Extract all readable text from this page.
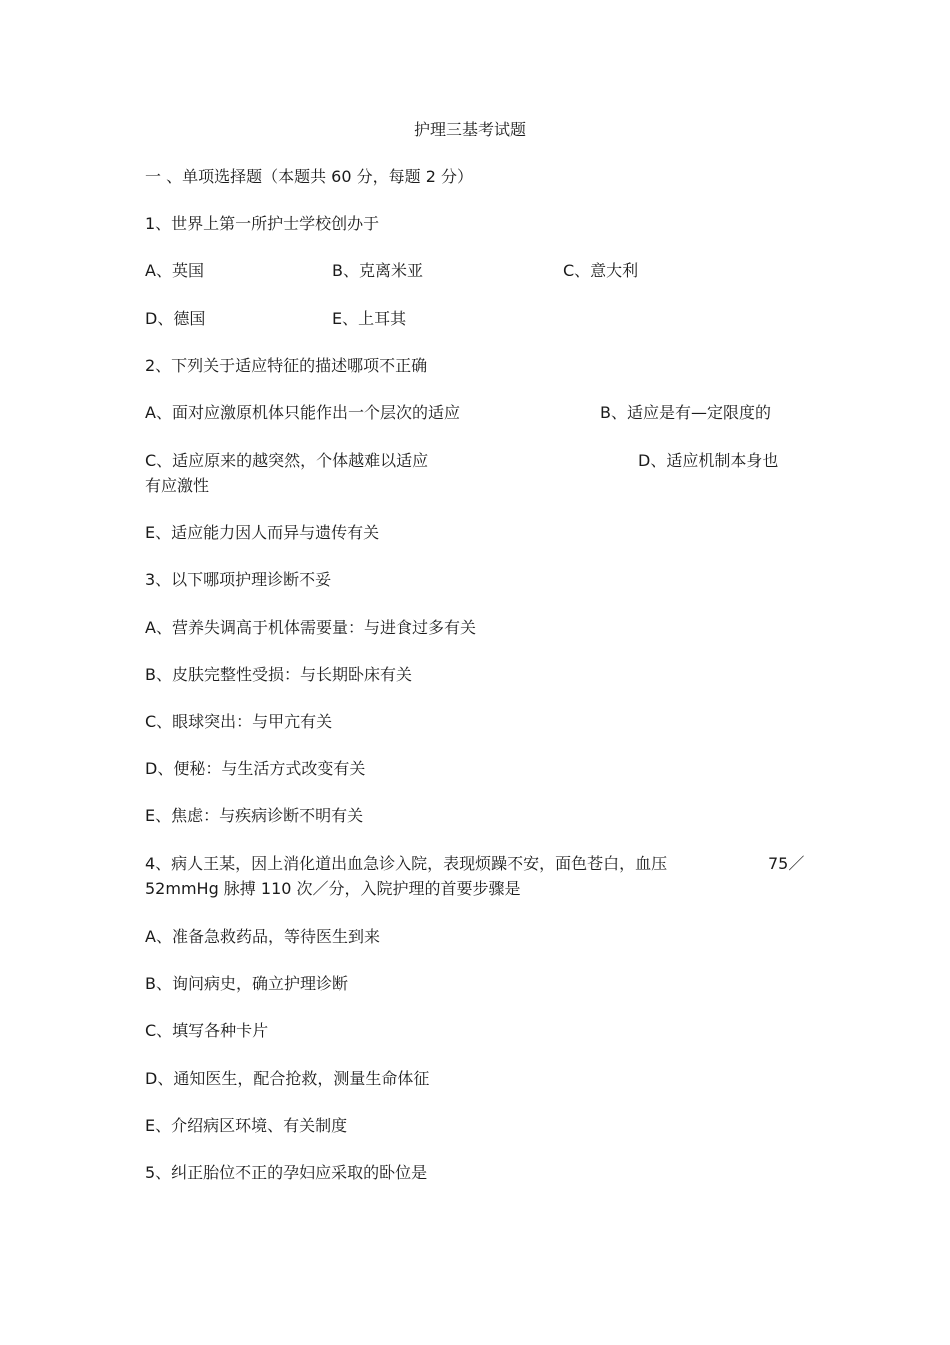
护理三基考试题
一 、单项选择题（本题共 60 分，每题 2 分）
1、世界上第一所护士学校创办于
A、英国	B、克离米亚	C、意大利
D、德国	E、上耳其
2、下列关于适应特征的描述哪项不正确
A、面对应激原机体只能作出一个层次的适应	B、适应是有—定限度的
C、适应原来的越突然，个体越难以适应	D、适应机制本身也
有应激性
E、适应能力因人而异与遗传有关
3、以下哪项护理诊断不妥
A、营养失调高于机体需要量：与进食过多有关
B、皮肤完整性受损：与长期卧床有关
C、眼球突出：与甲亢有关
D、便秘：与生活方式改变有关
E、焦虑：与疾病诊断不明有关
4、病人王某，因上消化道出血急诊入院，表现烦躁不安，面色苍白，血压	75／
52mmHg 脉搏 110 次／分，入院护理的首要步骤是
A、准备急救药品，等待医生到来
B、询问病史，确立护理诊断
C、填写各种卡片
D、通知医生，配合抢救，测量生命体征
E、介绍病区环境、有关制度
5、纠正胎位不正的孕妇应采取的卧位是
